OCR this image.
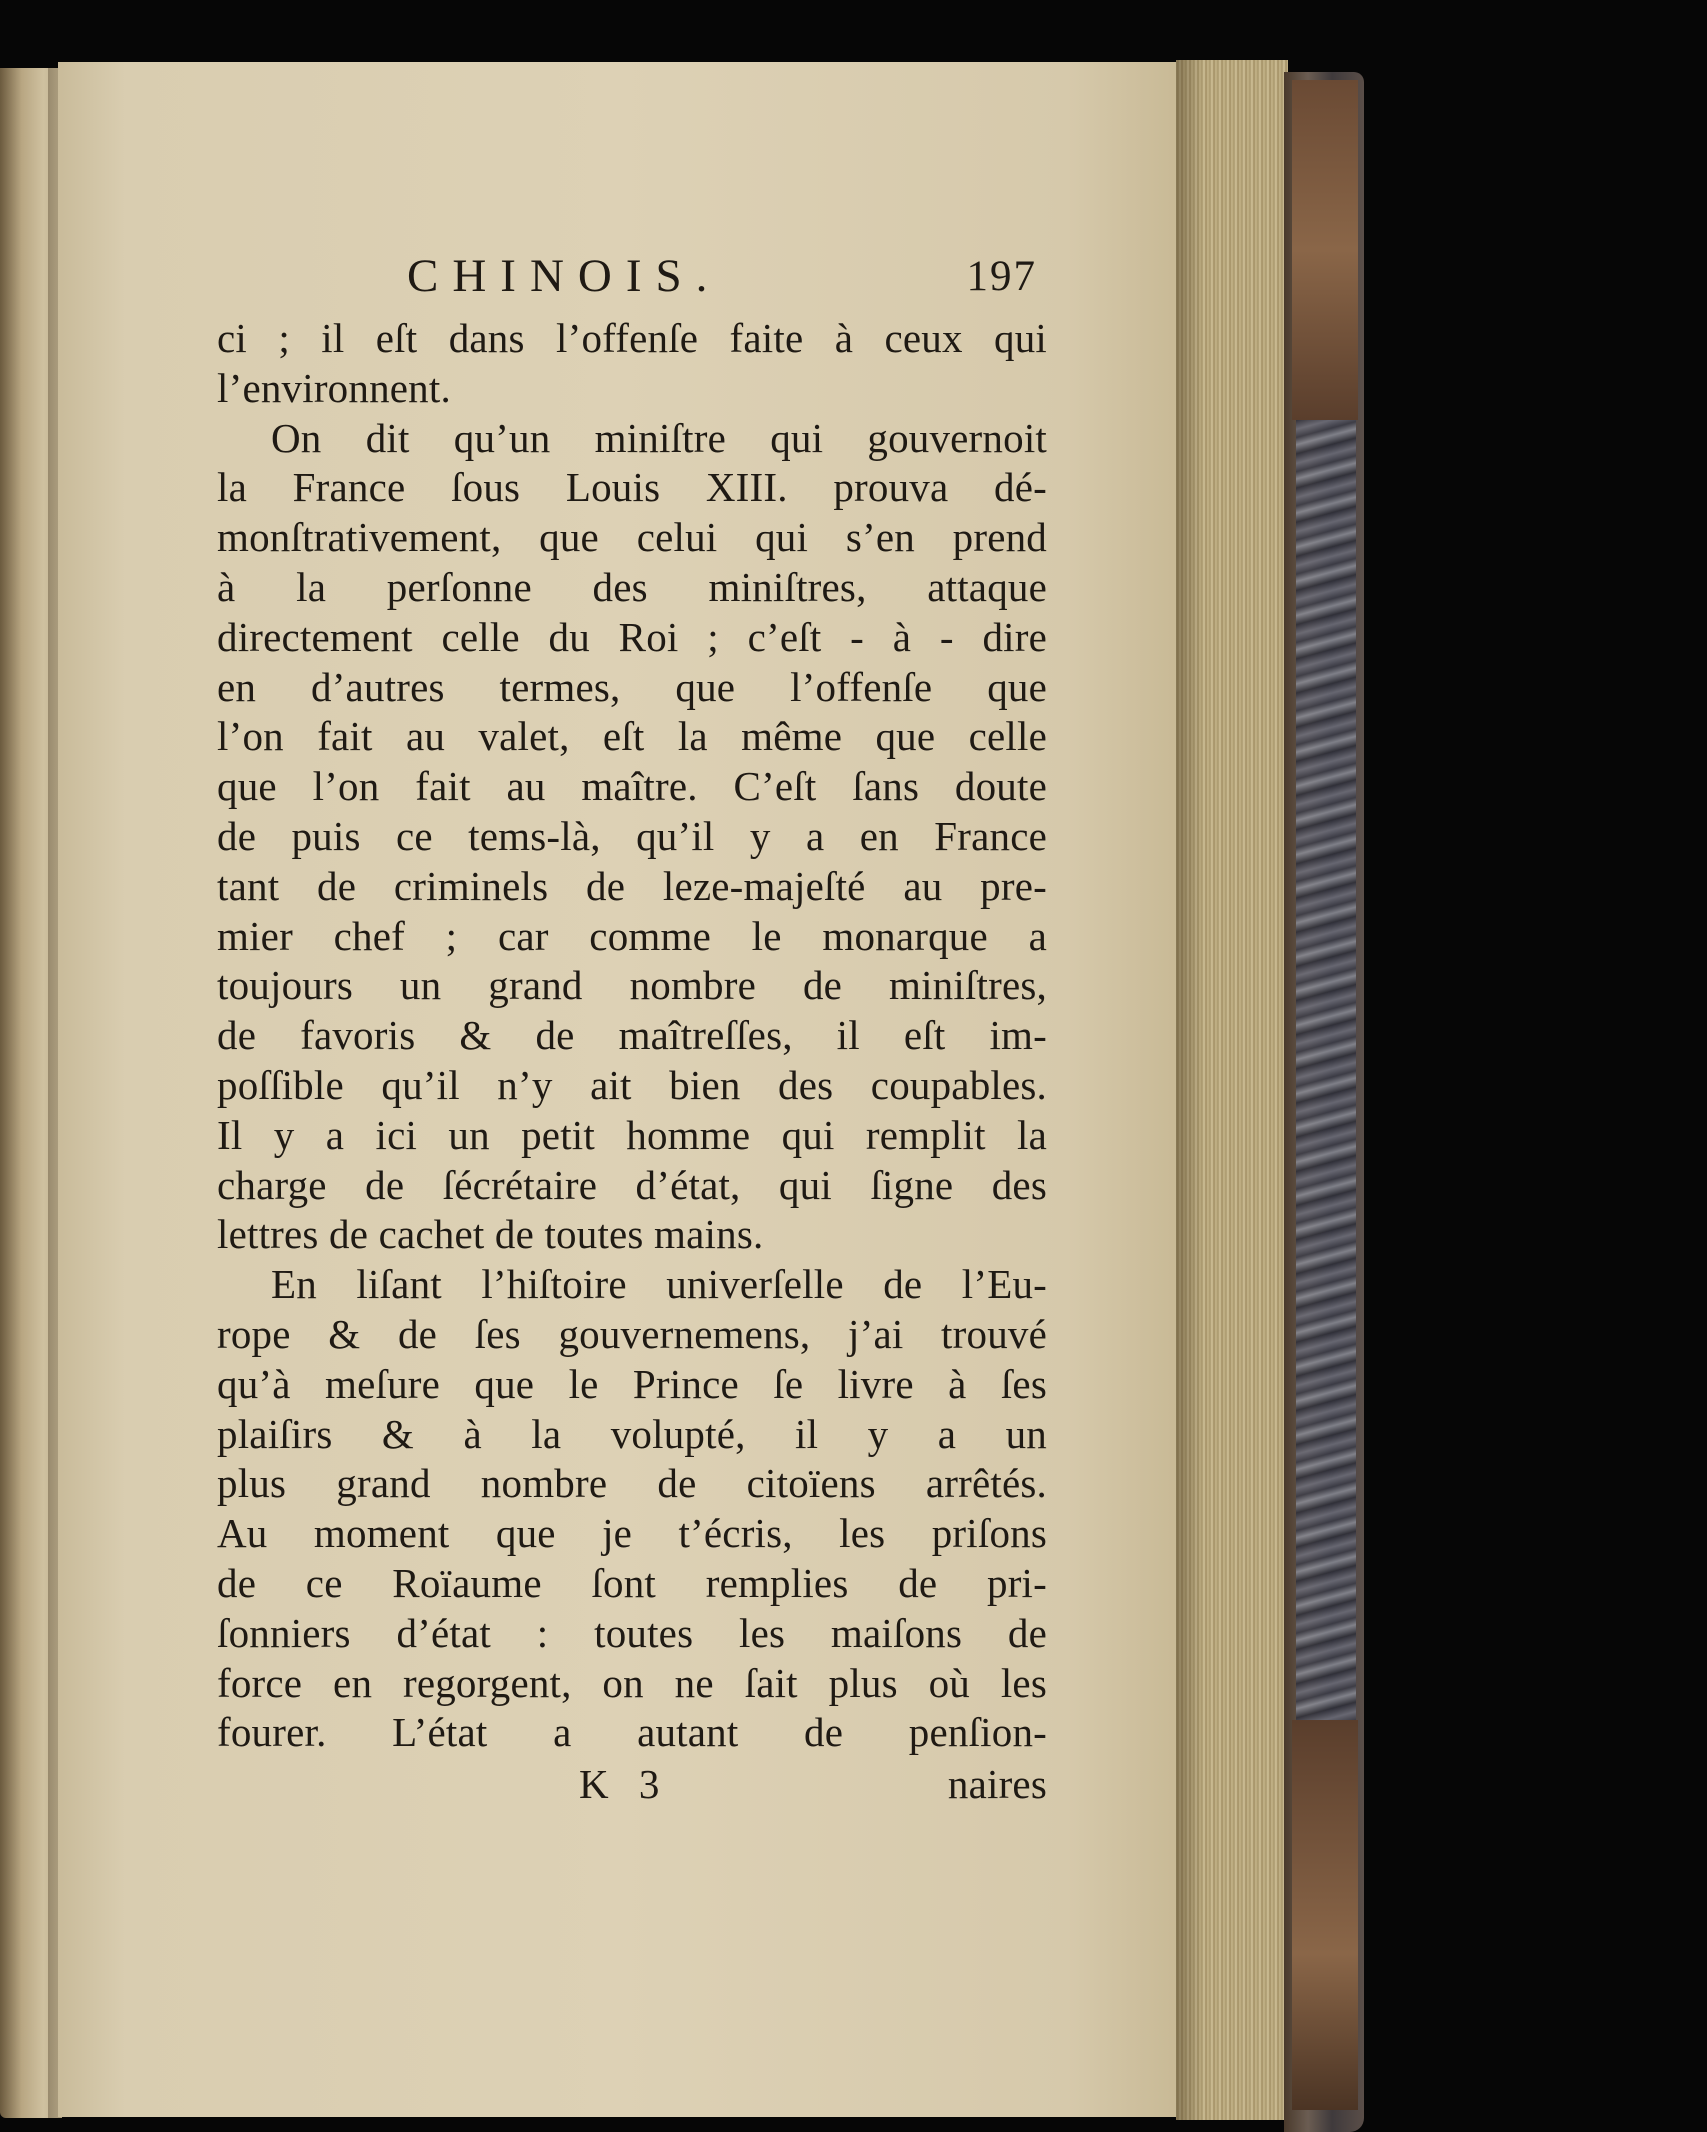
CHINOIS.	197
ci ; il eſt dans l’offenſe faite à ceux qui
l’environnent.
On dit qu’un miniſtre qui gouvernoit
la France ſous Louis XIII. prouva dé-
monſtrativement, que celui qui s’en prend
à la perſonne des miniſtres, attaque
directement celle du Roi ; c’eſt - à - dire
en d’autres termes, que l’offenſe que
l’on fait au valet, eſt la même que celle
que l’on fait au maître. C’eſt ſans doute
de puis ce tems-là, qu’il y a en France
tant de criminels de leze-majeſté au pre-
mier chef ; car comme le monarque a
toujours un grand nombre de miniſtres,
de favoris & de maîtreſſes, il eſt im-
poſſible qu’il n’y ait bien des coupables.
Il y a ici un petit homme qui remplit la
charge de ſécrétaire d’état, qui ſigne des
lettres de cachet de toutes mains.
En liſant l’hiſtoire univerſelle de l’Eu-
rope & de ſes gouvernemens, j’ai trouvé
qu’à meſure que le Prince ſe livre à ſes
plaiſirs & à la volupté, il y a un
plus grand nombre de citoïens arrêtés.
Au moment que je t’écris, les priſons
de ce Roïaume ſont remplies de pri-
ſonniers d’état : toutes les maiſons de
force en regorgent, on ne ſait plus où les
fourer. L’état a autant de penſion-
K 3	naires
